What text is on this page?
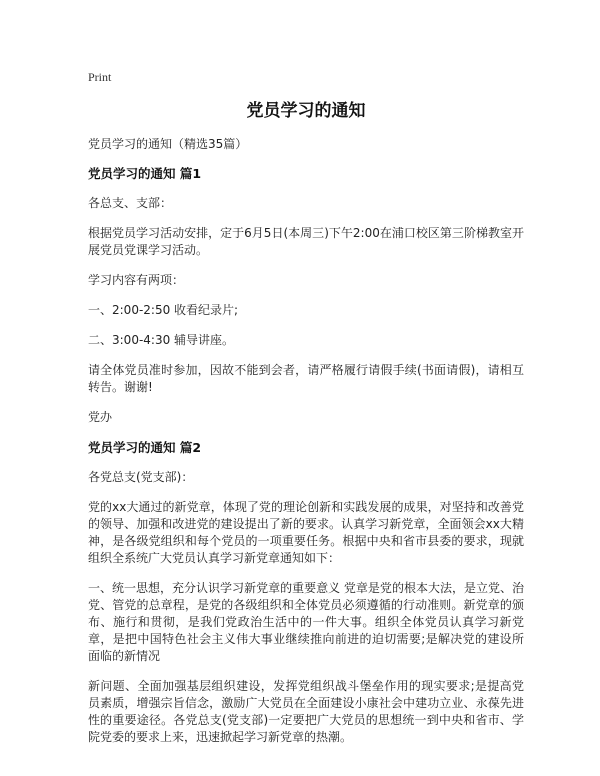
Print
党员学习的通知
党员学习的通知（精选35篇）
党员学习的通知 篇1

各总支、支部：

根据党员学习活动安排，定于6月5日(本周三)下午2:00在浦口校区第三阶梯教室开展党员党课学习活动。

学习内容有两项：

一、2:00-2:50 收看纪录片;

二、3:00-4:30 辅导讲座。

请全体党员准时参加，因故不能到会者，请严格履行请假手续(书面请假)，请相互转告。谢谢!

党办

党员学习的通知 篇2

各党总支(党支部)：

党的xx大通过的新党章，体现了党的理论创新和实践发展的成果，对坚持和改善党的领导、加强和改进党的建设提出了新的要求。认真学习新党章，全面领会xx大精神，是各级党组织和每个党员的一项重要任务。根据中央和省市县委的要求，现就组织全系统广大党员认真学习新党章通知如下：

一、统一思想，充分认识学习新党章的重要意义 党章是党的根本大法，是立党、治党、管党的总章程，是党的各级组织和全体党员必须遵循的行动准则。新党章的颁布、施行和贯彻，是我们党政治生活中的一件大事。组织全体党员认真学习新党章，是把中国特色社会主义伟大事业继续推向前进的迫切需要;是解决党的建设所面临的新情况

新问题、全面加强基层组织建设，发挥党组织战斗堡垒作用的现实要求;是提高党员素质，增强宗旨信念，激励广大党员在全面建设小康社会中建功立业、永葆先进性的重要途径。各党总支(党支部)一定要把广大党员的思想统一到中央和省市、学院党委的要求上来，迅速掀起学习新党章的热潮。
